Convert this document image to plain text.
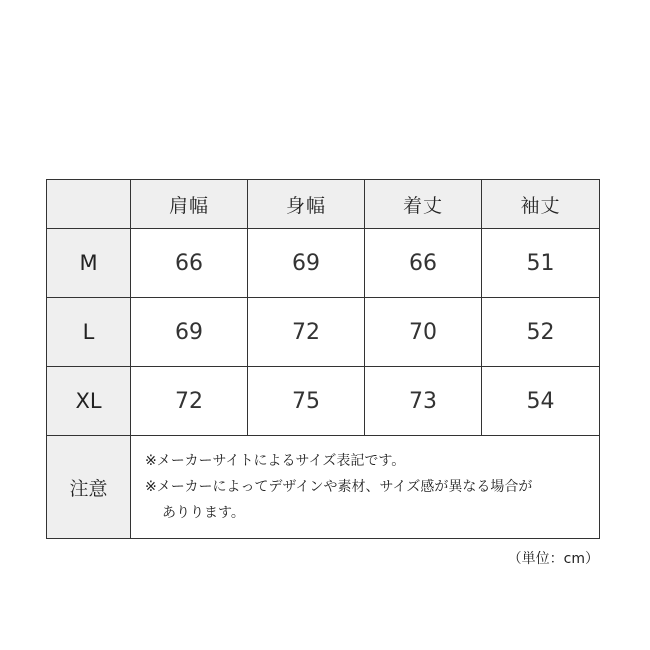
	肩幅	身幅	着丈	袖丈
M	66	69	66	51
L	69	72	70	52
XL	72	75	73	54
注意	※メーカーサイトによるサイズ表記です。
※メーカーによってデザインや素材、サイズ感が異なる場合が
ありります。			
（単位：cm）
